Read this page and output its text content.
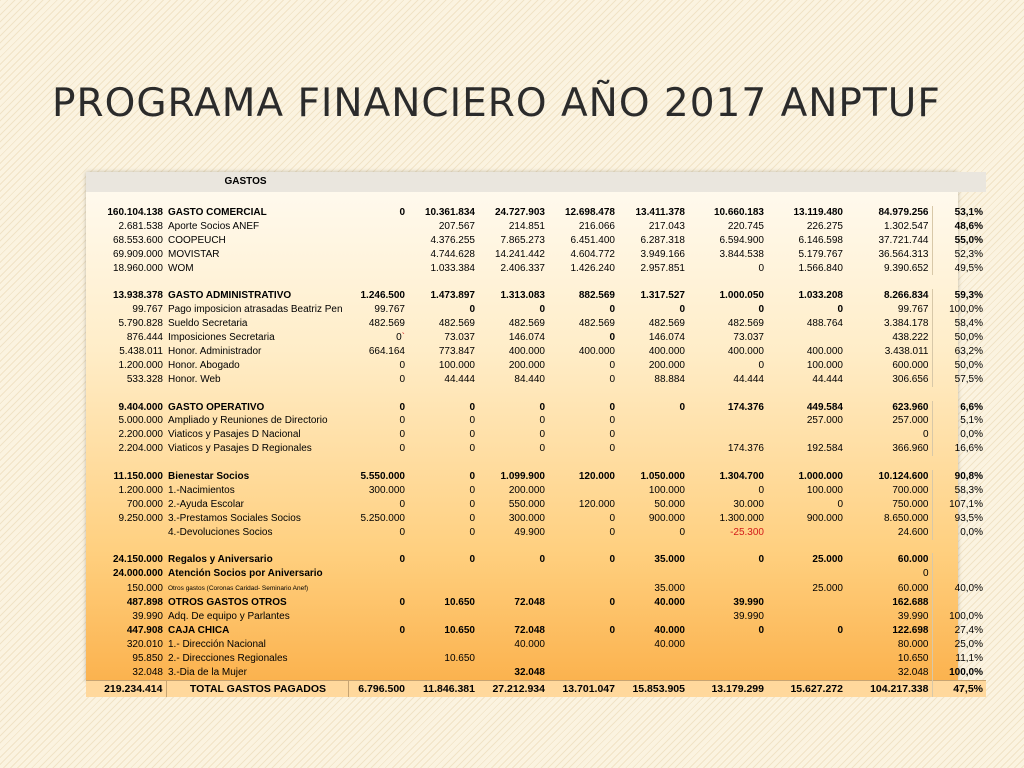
PROGRAMA FINANCIERO AÑO 2017 ANPTUF
GASTOS										

160.104.138	GASTO COMERCIAL	0	10.361.834	24.727.903	12.698.478	13.411.378	10.660.183	13.119.480	84.979.256	53,1%
2.681.538	Aporte Socios ANEF		207.567	214.851	216.066	217.043	220.745	226.275	1.302.547	48,6%
68.553.600	COOPEUCH		4.376.255	7.865.273	6.451.400	6.287.318	6.594.900	6.146.598	37.721.744	55,0%
69.909.000	MOVISTAR		4.744.628	14.241.442	4.604.772	3.949.166	3.844.538	5.179.767	36.564.313	52,3%
18.960.000	WOM		1.033.384	2.406.337	1.426.240	2.957.851	0	1.566.840	9.390.652	49,5%

13.938.378	GASTO ADMINISTRATIVO	1.246.500	1.473.897	1.313.083	882.569	1.317.527	1.000.050	1.033.208	8.266.834	59,3%
99.767	Pago imposicion atrasadas Beatriz Pen	99.767	0	0	0	0	0	0	99.767	100,0%
5.790.828	Sueldo Secretaria	482.569	482.569	482.569	482.569	482.569	482.569	488.764	3.384.178	58,4%
876.444	Imposiciones Secretaria	0`	73.037	146.074	0	146.074	73.037		438.222	50,0%
5.438.011	Honor. Administrador	664.164	773.847	400.000	400.000	400.000	400.000	400.000	3.438.011	63,2%
1.200.000	Honor. Abogado	0	100.000	200.000	0	200.000	0	100.000	600.000	50,0%
533.328	Honor. Web	0	44.444	84.440	0	88.884	44.444	44.444	306.656	57,5%

9.404.000	GASTO OPERATIVO	0	0	0	0	0	174.376	449.584	623.960	6,6%
5.000.000	Ampliado y Reuniones de Directorio	0	0	0	0			257.000	257.000	5,1%
2.200.000	Viaticos y Pasajes D Nacional	0	0	0	0				0	0,0%
2.204.000	Viaticos y Pasajes D Regionales	0	0	0	0		174.376	192.584	366.960	16,6%

11.150.000	Bienestar Socios	5.550.000	0	1.099.900	120.000	1.050.000	1.304.700	1.000.000	10.124.600	90,8%
1.200.000	1.-Nacimientos	300.000	0	200.000		100.000	0	100.000	700.000	58,3%
700.000	2.-Ayuda Escolar	0	0	550.000	120.000	50.000	30.000	0	750.000	107,1%
9.250.000	3.-Prestamos Sociales Socios	5.250.000	0	300.000	0	900.000	1.300.000	900.000	8.650.000	93,5%
	4.-Devoluciones Socios	0	0	49.900	0	0	-25.300		24.600	0,0%

24.150.000	Regalos y Aniversario	0	0	0	0	35.000	0	25.000	60.000	
24.000.000	Atención Socios por Aniversario								0	
150.000	Otros gastos (Coronas Caridad- Seminario Anef)					35.000		25.000	60.000	40,0%
487.898	OTROS GASTOS OTROS	0	10.650	72.048	0	40.000	39.990		162.688	
39.990	Adq. De equipo y Parlantes						39.990		39.990	100,0%
447.908	CAJA CHICA	0	10.650	72.048	0	40.000	0	0	122.698	27,4%
320.010	1.- Dirección Nacional			40.000		40.000			80.000	25,0%
95.850	2.- Direcciones Regionales		10.650						10.650	11,1%
32.048	3.-Dia de la Mujer			32.048					32.048	100,0%
219.234.414	TOTAL GASTOS PAGADOS	6.796.500	11.846.381	27.212.934	13.701.047	15.853.905	13.179.299	15.627.272	104.217.338	47,5%
